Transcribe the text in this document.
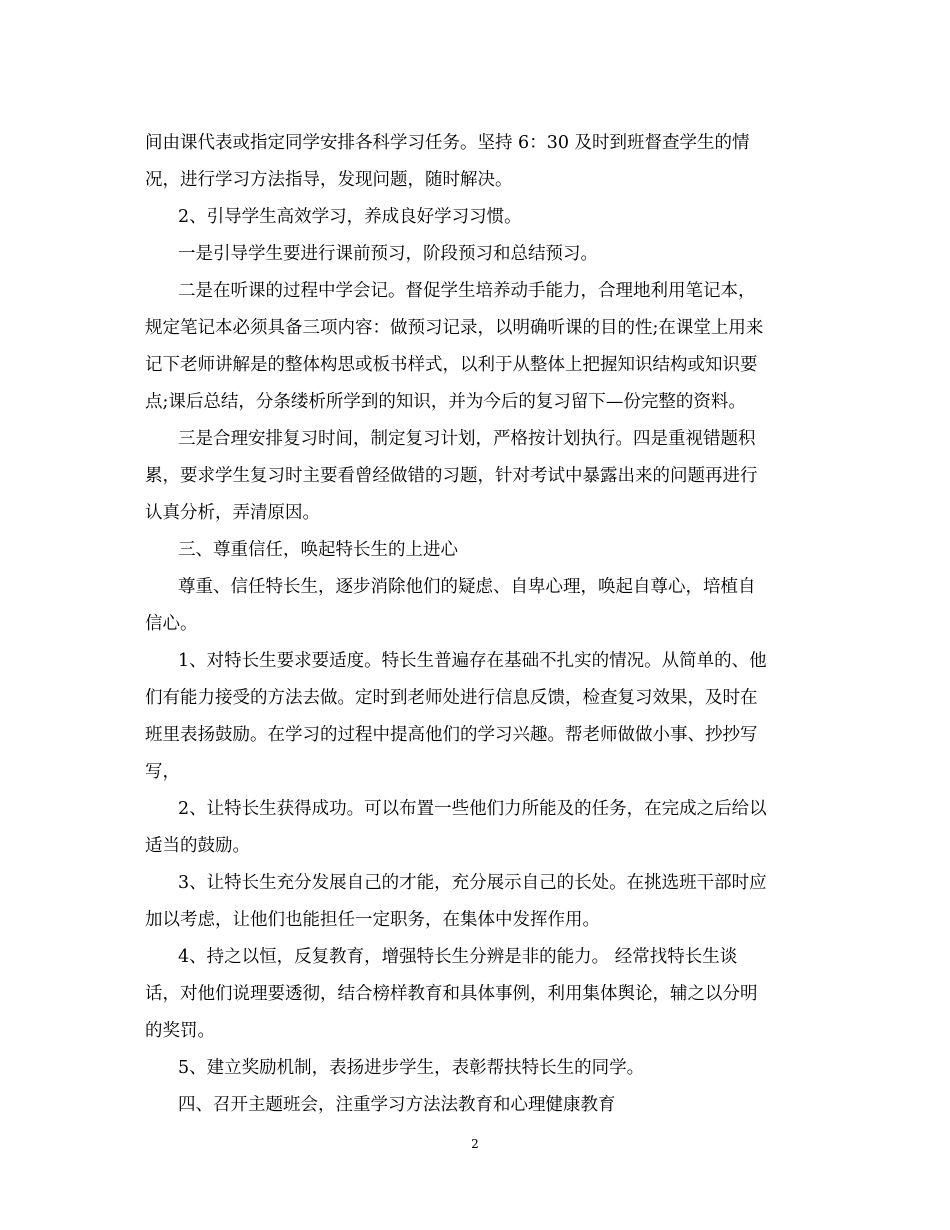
间由课代表或指定同学安排各科学习任务。坚持 6：30 及时到班督查学生的情
况，进行学习方法指导，发现问题，随时解决。
2、引导学生高效学习，养成良好学习习惯。
一是引导学生要进行课前预习，阶段预习和总结预习。
二是在听课的过程中学会记。督促学生培养动手能力，合理地利用笔记本，
规定笔记本必须具备三项内容：做预习记录，以明确听课的目的性;在课堂上用来
记下老师讲解是的整体构思或板书样式，以利于从整体上把握知识结构或知识要
点;课后总结，分条缕析所学到的知识，并为今后的复习留下—份完整的资料。
三是合理安排复习时间，制定复习计划，严格按计划执行。四是重视错题积
累，要求学生复习时主要看曾经做错的习题，针对考试中暴露出来的问题再进行
认真分析，弄清原因。
三、尊重信任，唤起特长生的上进心
尊重、信任特长生，逐步消除他们的疑虑、自卑心理，唤起自尊心，培植自
信心。
1、对特长生要求要适度。特长生普遍存在基础不扎实的情况。从简单的、他
们有能力接受的方法去做。定时到老师处进行信息反馈，检查复习效果，及时在
班里表扬鼓励。在学习的过程中提高他们的学习兴趣。帮老师做做小事、抄抄写
写，
2、让特长生获得成功。可以布置一些他们力所能及的任务，在完成之后给以
适当的鼓励。
3、让特长生充分发展自己的才能，充分展示自己的长处。在挑选班干部时应
加以考虑，让他们也能担任一定职务，在集体中发挥作用。
4、持之以恒，反复教育，增强特长生分辨是非的能力。 经常找特长生谈
话，对他们说理要透彻，结合榜样教育和具体事例，利用集体舆论，辅之以分明
的奖罚。
5、建立奖励机制，表扬进步学生，表彰帮扶特长生的同学。
四、召开主题班会，注重学习方法法教育和心理健康教育
2
